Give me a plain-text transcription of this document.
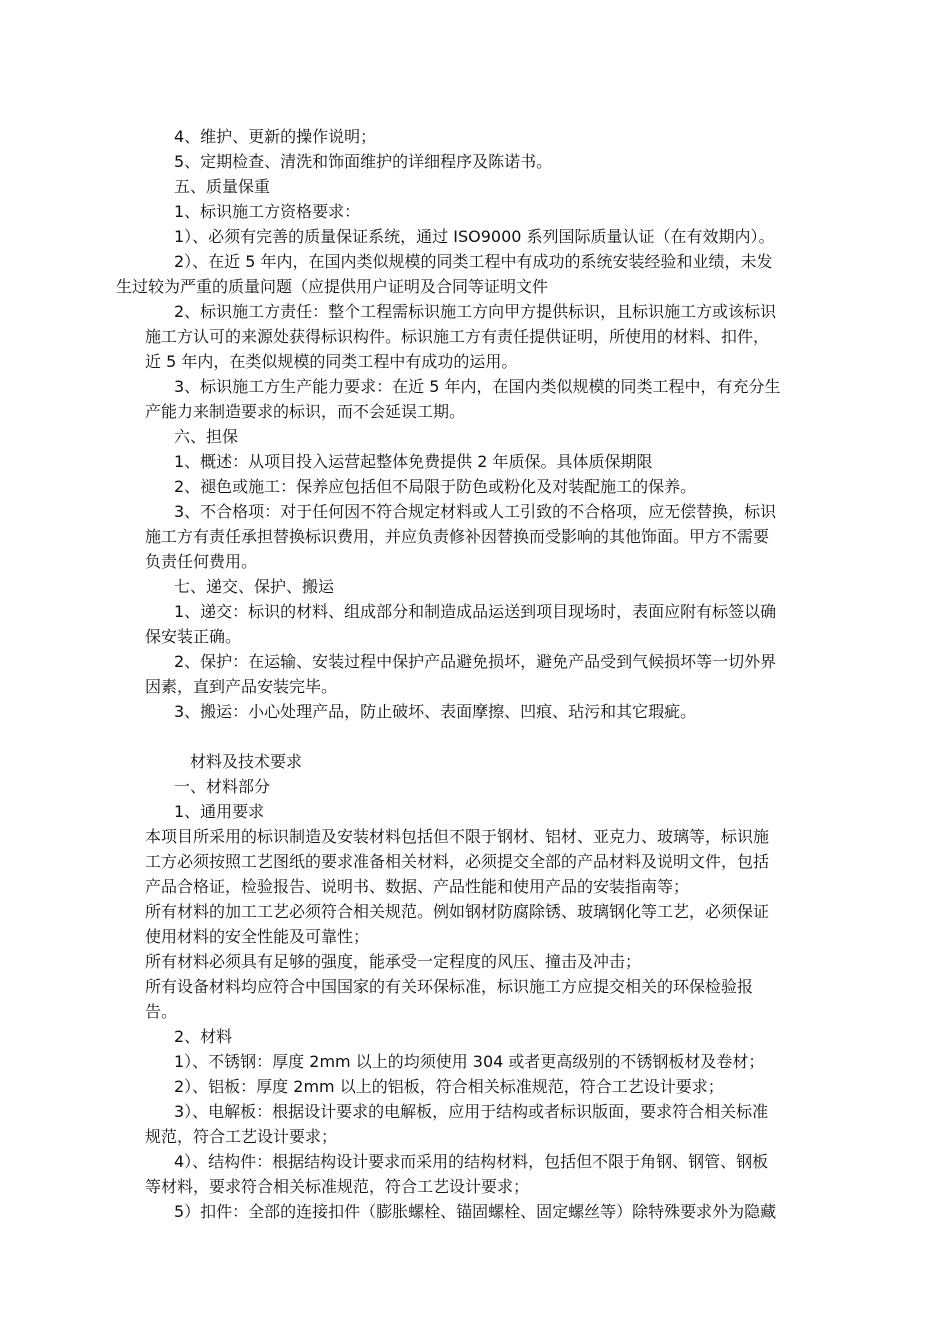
4、维护、更新的操作说明；

5、定期检查、清洗和饰面维护的详细程序及陈诺书。

五、质量保重

1、标识施工方资格要求：

1）、必须有完善的质量保证系统，通过 ISO9000 系列国际质量认证（在有效期内）。

2）、在近 5 年内，在国内类似规模的同类工程中有成功的系统安装经验和业绩，未发
生过较为严重的质量问题（应提供用户证明及合同等证明文件

2、标识施工方责任：整个工程需标识施工方向甲方提供标识，且标识施工方或该标识
施工方认可的来源处获得标识构件。标识施工方有责任提供证明，所使用的材料、扣件，
近 5 年内，在类似规模的同类工程中有成功的运用。

3、标识施工方生产能力要求：在近 5 年内，在国内类似规模的同类工程中，有充分生
产能力来制造要求的标识，而不会延误工期。

六、担保

1、概述：从项目投入运营起整体免费提供 2 年质保。具体质保期限

2、褪色或施工：保养应包括但不局限于防色或粉化及对装配施工的保养。

3、不合格项：对于任何因不符合规定材料或人工引致的不合格项，应无偿替换，标识
施工方有责任承担替换标识费用，并应负责修补因替换而受影响的其他饰面。甲方不需要
负责任何费用。

七、递交、保护、搬运

1、递交：标识的材料、组成部分和制造成品运送到项目现场时，表面应附有标签以确
保安装正确。

2、保护：在运输、安装过程中保护产品避免损坏，避免产品受到气候损坏等一切外界
因素，直到产品安装完毕。

3、搬运：小心处理产品，防止破坏、表面摩擦、凹痕、玷污和其它瑕疵。

材料及技术要求

一、材料部分

1、通用要求

本项目所采用的标识制造及安装材料包括但不限于钢材、铝材、亚克力、玻璃等，标识施
工方必须按照工艺图纸的要求准备相关材料，必须提交全部的产品材料及说明文件，包括
产品合格证，检验报告、说明书、数据、产品性能和使用产品的安装指南等；

所有材料的加工工艺必须符合相关规范。例如钢材防腐除锈、玻璃钢化等工艺，必须保证
使用材料的安全性能及可靠性；

所有材料必须具有足够的强度，能承受一定程度的风压、撞击及冲击；

所有设备材料均应符合中国国家的有关环保标准，标识施工方应提交相关的环保检验报
告。

2、材料

1）、不锈钢：厚度 2mm 以上的均须使用 304 或者更高级别的不锈钢板材及卷材；

2）、铝板：厚度 2mm 以上的铝板，符合相关标准规范，符合工艺设计要求；

3）、电解板：根据设计要求的电解板，应用于结构或者标识版面，要求符合相关标准
规范，符合工艺设计要求；

4）、结构件：根据结构设计要求而采用的结构材料，包括但不限于角钢、钢管、钢板
等材料，要求符合相关标准规范，符合工艺设计要求；

5）扣件：全部的连接扣件（膨胀螺栓、锚固螺栓、固定螺丝等）除特殊要求外为隐藏
